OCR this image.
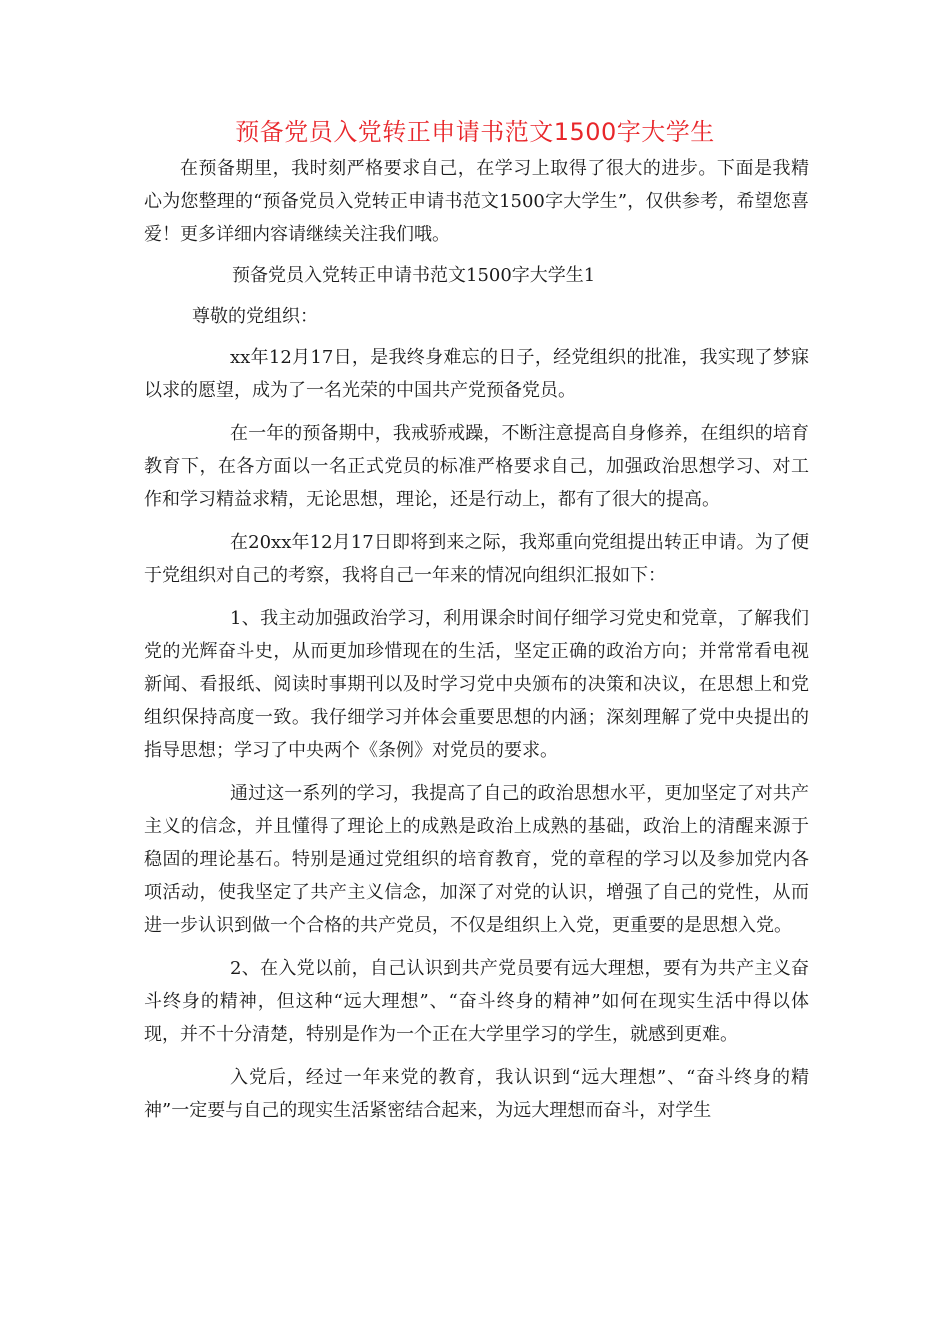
预备党员入党转正申请书范文1500字大学生

在预备期里，我时刻严格要求自己，在学习上取得了很大的进步。下面是我精心为您整理的“预备党员入党转正申请书范文1500字大学生”，仅供参考，希望您喜爱！更多详细内容请继续关注我们哦。

预备党员入党转正申请书范文1500字大学生1

尊敬的党组织：

xx年12月17日，是我终身难忘的日子，经党组织的批准，我实现了梦寐以求的愿望，成为了一名光荣的中国共产党预备党员。

在一年的预备期中，我戒骄戒躁，不断注意提高自身修养，在组织的培育教育下，在各方面以一名正式党员的标准严格要求自己，加强政治思想学习、对工作和学习精益求精，无论思想，理论，还是行动上，都有了很大的提高。

在20xx年12月17日即将到来之际，我郑重向党组提出转正申请。为了便于党组织对自己的考察，我将自己一年来的情况向组织汇报如下：

1、我主动加强政治学习，利用课余时间仔细学习党史和党章，了解我们党的光辉奋斗史，从而更加珍惜现在的生活，坚定正确的政治方向；并常常看电视新闻、看报纸、阅读时事期刊以及时学习党中央颁布的决策和决议，在思想上和党组织保持高度一致。我仔细学习并体会重要思想的内涵；深刻理解了党中央提出的指导思想；学习了中央两个《条例》对党员的要求。

通过这一系列的学习，我提高了自己的政治思想水平，更加坚定了对共产主义的信念，并且懂得了理论上的成熟是政治上成熟的基础，政治上的清醒来源于稳固的理论基石。特别是通过党组织的培育教育，党的章程的学习以及参加党内各项活动，使我坚定了共产主义信念，加深了对党的认识，增强了自己的党性，从而进一步认识到做一个合格的共产党员，不仅是组织上入党，更重要的是思想入党。

2、在入党以前，自己认识到共产党员要有远大理想，要有为共产主义奋斗终身的精神，但这种“远大理想”、“奋斗终身的精神”如何在现实生活中得以体现，并不十分清楚，特别是作为一个正在大学里学习的学生，就感到更难。

入党后，经过一年来党的教育，我认识到“远大理想”、“奋斗终身的精神”一定要与自己的现实生活紧密结合起来，为远大理想而奋斗，对学生
